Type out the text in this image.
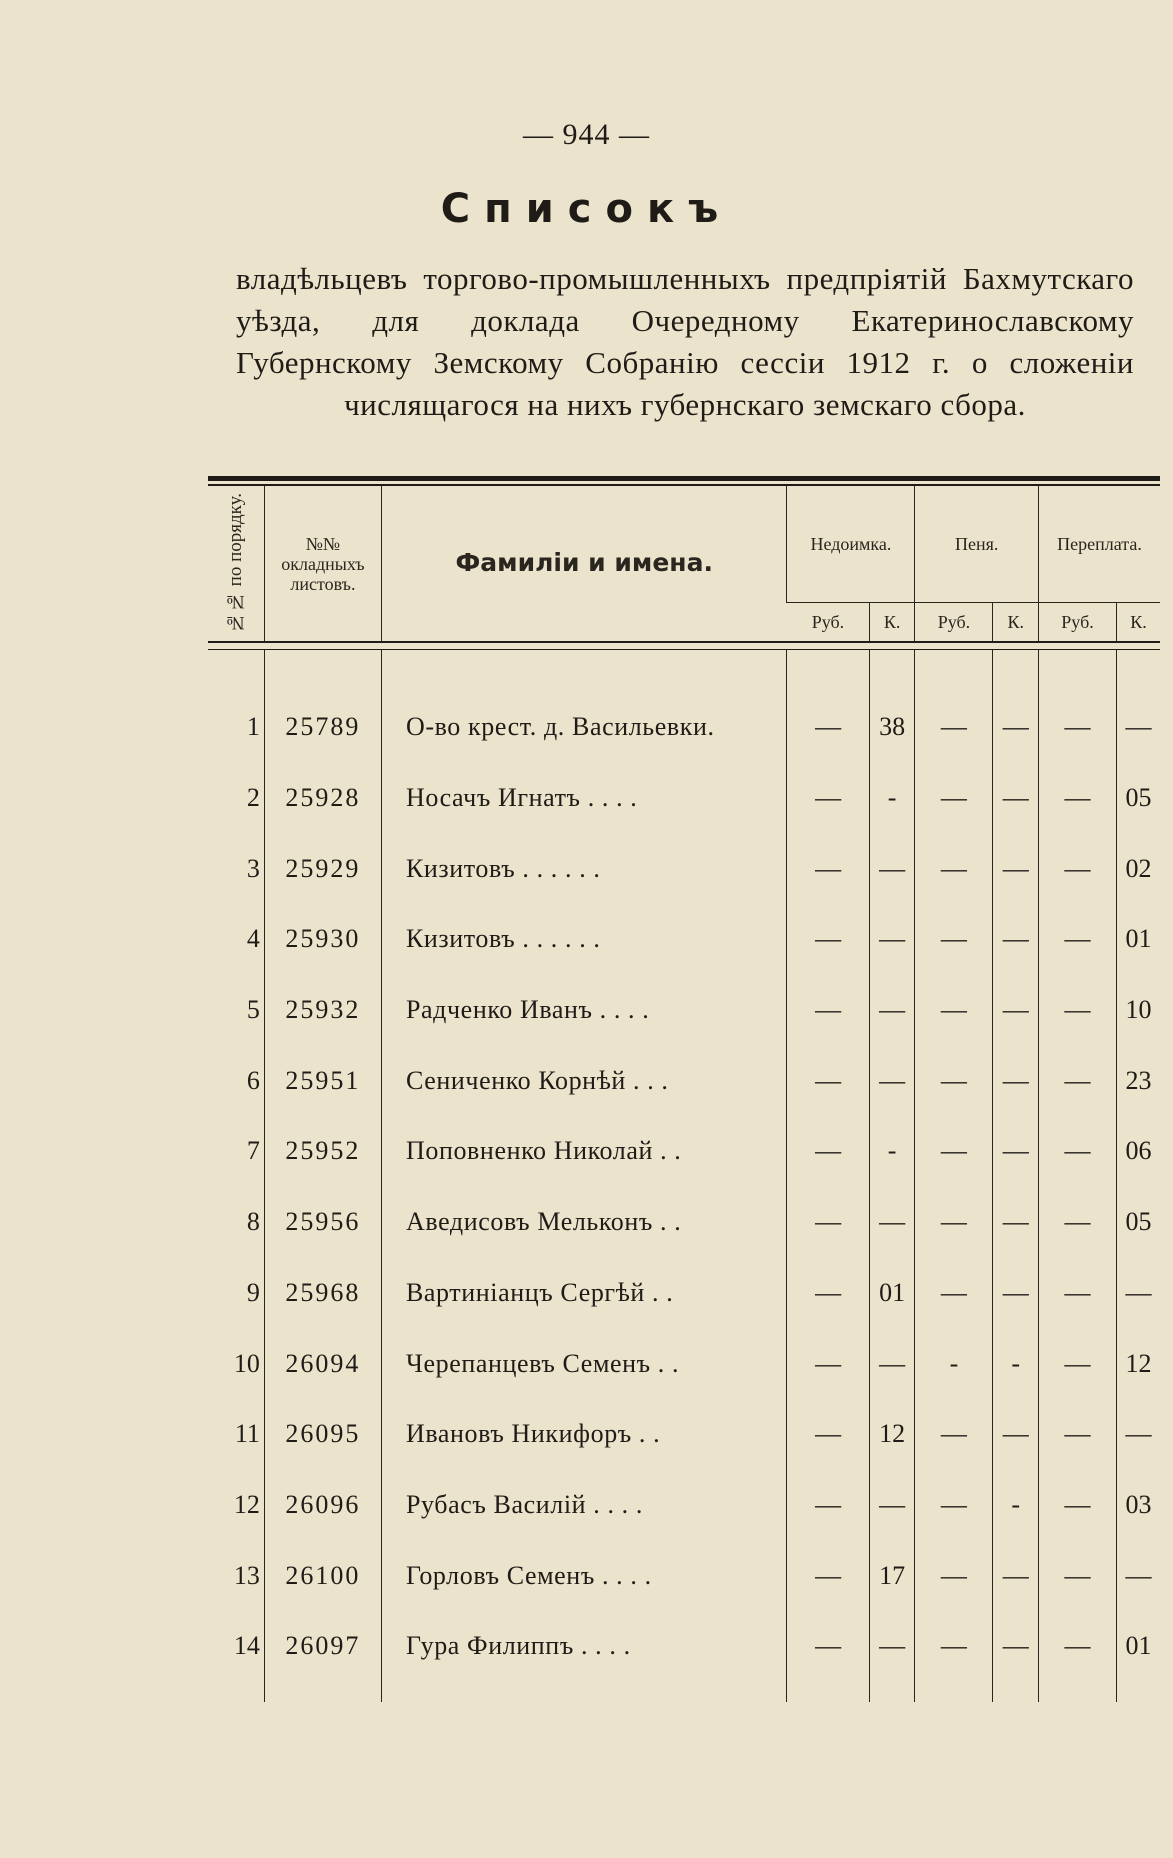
— 944 —
Списокъ
владѣльцевъ торгово-промышленныхъ предпріятій Бахмутскаго уѣзда, для доклада Очередному Екатеринославскому Губернскому Земскому Собранію сессіи 1912 г. о сложеніи числящагося на нихъ губернскаго земскаго сбора.
№№ по порядку.	№№ окладныхъ листовъ.	Фамиліи и имена.	Недоимка.		Пеня.		Переплата.	
			Руб.	К.	Руб.	К.	Руб.	К.

1	25789	О-во крест. д. Васильевки.	—	38	—	—	—	—
2	25928	Носачъ Игнатъ . . . .	—	-	—	—	—	05
3	25929	Кизитовъ . . . . . .	—	—	—	—	—	02
4	25930	Кизитовъ . . . . . .	—	—	—	—	—	01
5	25932	Радченко Иванъ . . . .	—	—	—	—	—	10
6	25951	Сениченко Корнѣй . . .	—	—	—	—	—	23
7	25952	Поповненко Николай . .	—	-	—	—	—	06
8	25956	Аведисовъ Мельконъ . .	—	—	—	—	—	05
9	25968	Вартиніанцъ Сергѣй . .	—	01	—	—	—	—
10	26094	Черепанцевъ Семенъ . .	—	—	-	-	—	12
11	26095	Ивановъ Никифоръ . .	—	12	—	—	—	—
12	26096	Рубасъ Василій . . . .	—	—	—	-	—	03
13	26100	Горловъ Семенъ . . . .	—	17	—	—	—	—
14	26097	Гура Филиппъ . . . .	—	—	—	—	—	01
